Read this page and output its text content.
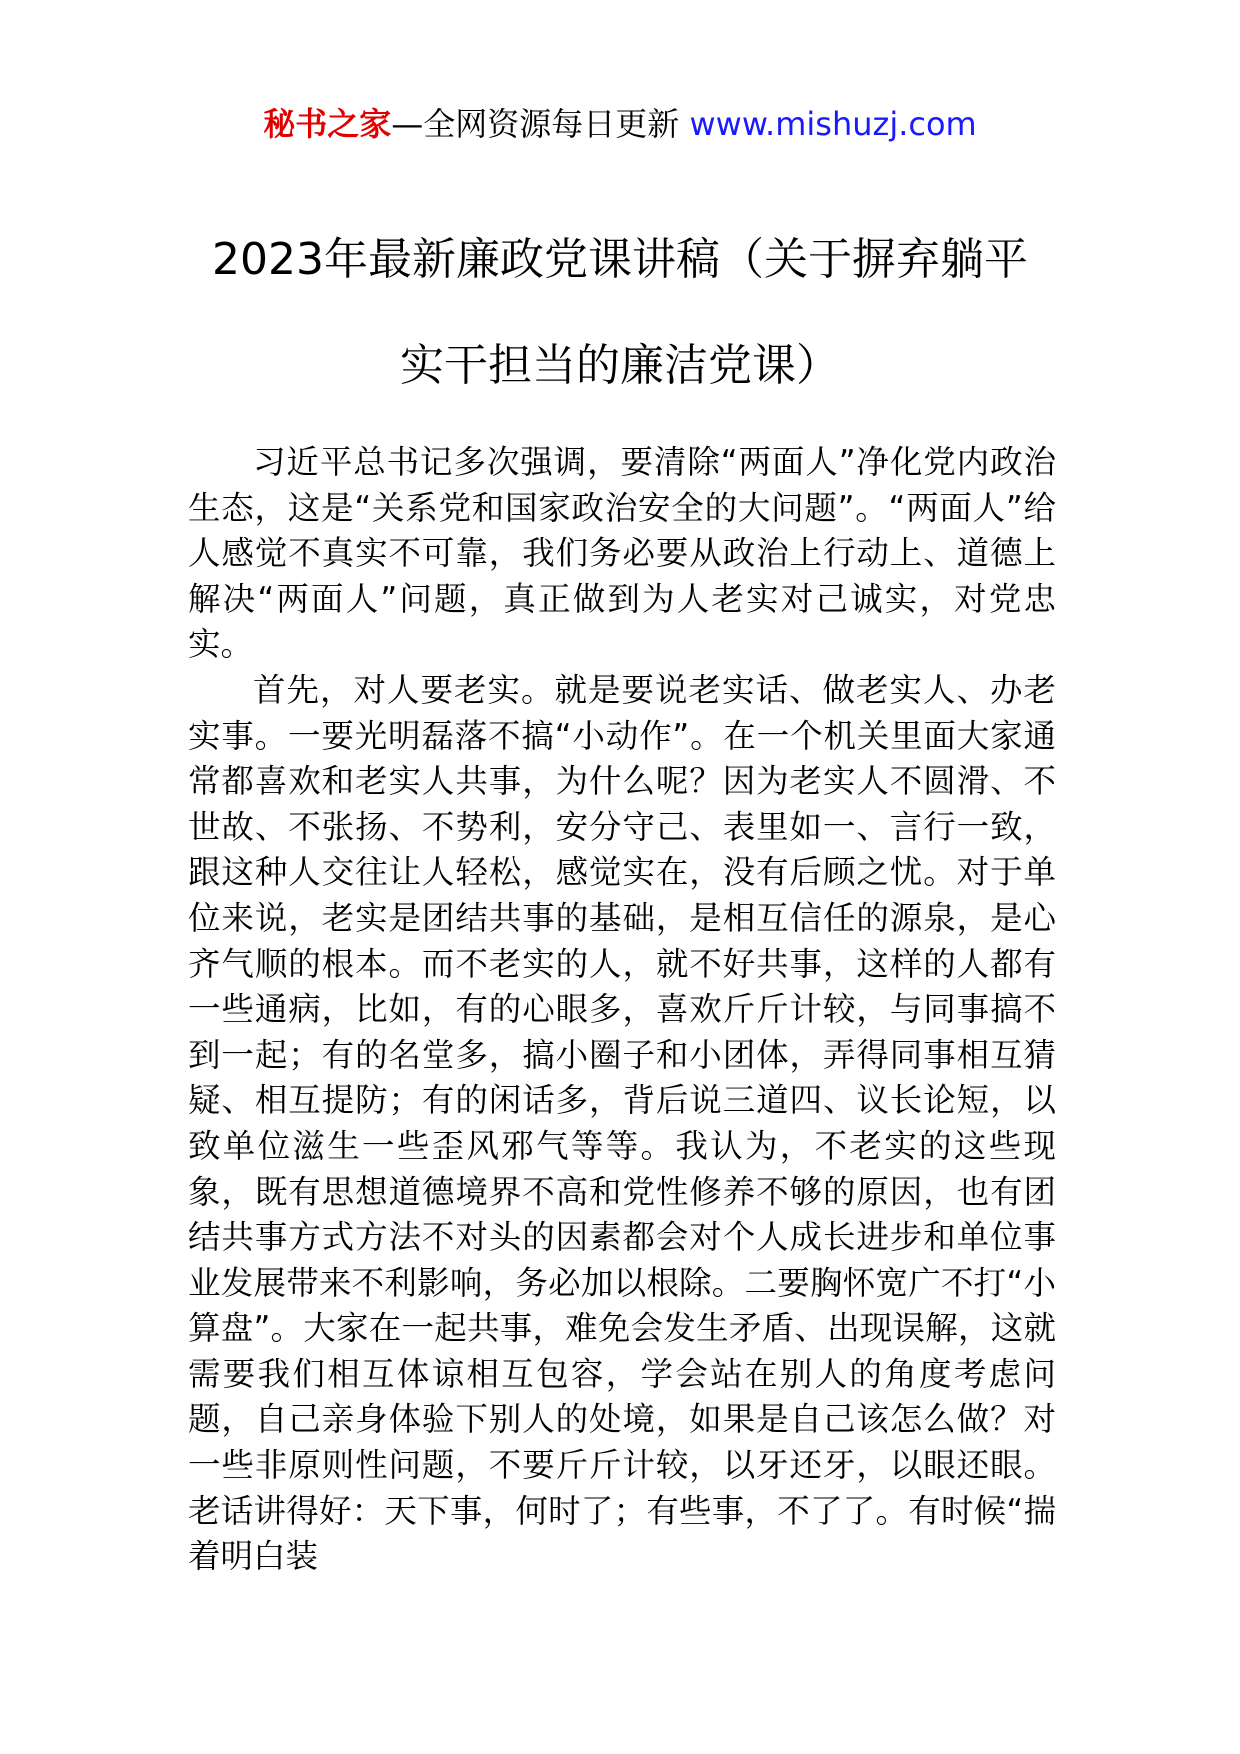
秘书之家—全网资源每日更新 www.mishuzj.com
2023年最新廉政党课讲稿（关于摒弃躺平
实干担当的廉洁党课）

习近平总书记多次强调，要清除“两面人”净化党内政治生态，这是“关系党和国家政治安全的大问题”。“两面人”给人感觉不真实不可靠，我们务必要从政治上行动上、道德上解决“两面人”问题，真正做到为人老实对己诚实，对党忠实。

首先，对人要老实。就是要说老实话、做老实人、办老实事。一要光明磊落不搞“小动作”。在一个机关里面大家通常都喜欢和老实人共事，为什么呢？因为老实人不圆滑、不世故、不张扬、不势利，安分守己、表里如一、言行一致，跟这种人交往让人轻松，感觉实在，没有后顾之忧。对于单位来说，老实是团结共事的基础，是相互信任的源泉，是心齐气顺的根本。而不老实的人，就不好共事，这样的人都有一些通病，比如，有的心眼多，喜欢斤斤计较，与同事搞不到一起；有的名堂多，搞小圈子和小团体，弄得同事相互猜疑、相互提防；有的闲话多，背后说三道四、议长论短，以致单位滋生一些歪风邪气等等。我认为，不老实的这些现象，既有思想道德境界不高和党性修养不够的原因，也有团结共事方式方法不对头的因素都会对个人成长进步和单位事业发展带来不利影响，务必加以根除。二要胸怀宽广不打“小算盘”。大家在一起共事，难免会发生矛盾、出现误解，这就需要我们相互体谅相互包容，学会站在别人的角度考虑问题，自己亲身体验下别人的处境，如果是自己该怎么做？对一些非原则性问题，不要斤斤计较，以牙还牙，以眼还眼。老话讲得好：天下事，何时了；有些事，不了了。有时候“揣着明白装
